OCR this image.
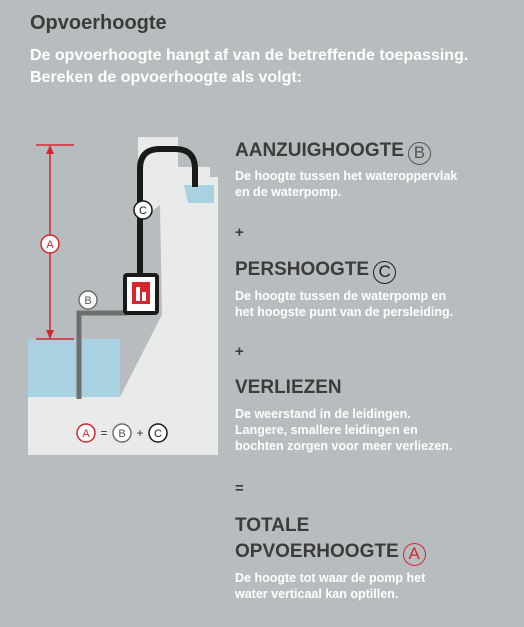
Opvoerhoogte
De opvoerhoogte hangt af van de betreffende toepassing. Bereken de opvoerhoogte als volgt:
A
B
C
A = B + C
AANZUIGHOOGTE B
De hoogte tussen het wateroppervlak
en de waterpomp.
+
PERSHOOGTE C
De hoogte tussen de waterpomp en
het hoogste punt van de persleiding.
+
VERLIEZEN
De weerstand in de leidingen.
Langere, smallere leidingen en
bochten zorgen voor meer verliezen.
=
TOTALE
OPVOERHOOGTE A
De hoogte tot waar de pomp het
water verticaal kan optillen.
